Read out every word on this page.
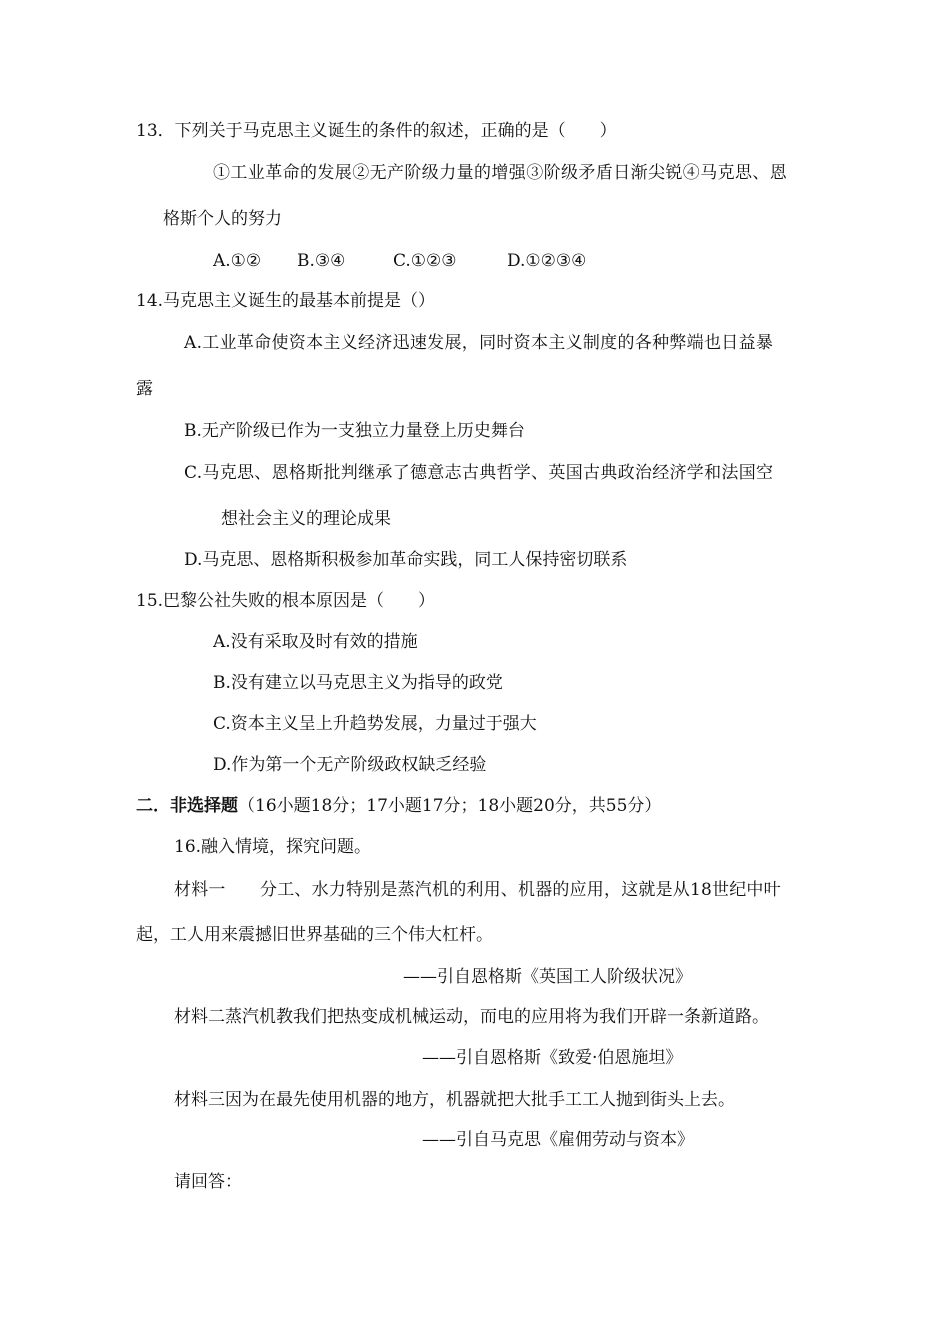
13．下列关于马克思主义诞生的条件的叙述，正确的是（　　）
①工业革命的发展②无产阶级力量的增强③阶级矛盾日渐尖锐④马克思、恩
格斯个人的努力
A.①② B.③④	C.①②③	D.①②③④
14.马克思主义诞生的最基本前提是（）
A.工业革命使资本主义经济迅速发展，同时资本主义制度的各种弊端也日益暴
露
B.无产阶级已作为一支独立力量登上历史舞台
C.马克思、恩格斯批判继承了德意志古典哲学、英国古典政治经济学和法国空
想社会主义的理论成果
D.马克思、恩格斯积极参加革命实践，同工人保持密切联系
15.巴黎公社失败的根本原因是（　　）
A.没有采取及时有效的措施
B.没有建立以马克思主义为指导的政党
C.资本主义呈上升趋势发展，力量过于强大
D.作为第一个无产阶级政权缺乏经验
二．非选择题（16小题18分；17小题17分；18小题20分，共55分）
16.融入情境，探究问题。
材料一　　分工、水力特别是蒸汽机的利用、机器的应用，这就是从18世纪中叶
起，工人用来震撼旧世界基础的三个伟大杠杆。
——引自恩格斯《英国工人阶级状况》
材料二蒸汽机教我们把热变成机械运动，而电的应用将为我们开辟一条新道路。
——引自恩格斯《致爱·伯恩施坦》
材料三因为在最先使用机器的地方，机器就把大批手工工人抛到街头上去。
——引自马克思《雇佣劳动与资本》
请回答：
